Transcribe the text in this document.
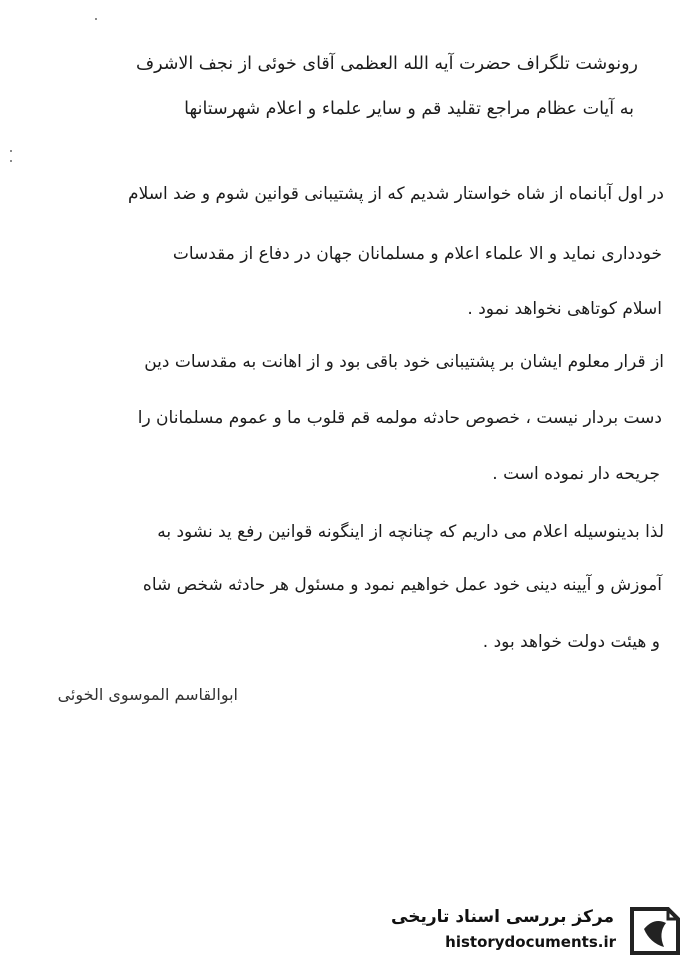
رونوشت تلگراف حضرت آیه الله العظمی آقای خوئی از نجف الاشرف
به آیات عظام مراجع تقلید قم و سایر علماء و اعلام شهرستانها
در اول آبانماه از شاه خواستار شدیم که از پشتیبانی قوانین شوم و ضد اسلام
خودداری نماید و الا علماء اعلام و مسلمانان جهان در دفاع از مقدسات
اسلام کوتاهی نخواهد نمود .
از قرار معلوم ایشان بر پشتیبانی خود باقی بود و از اهانت به مقدسات دین
دست بردار نیست ، خصوص حادثه مولمه قم قلوب ما و عموم مسلمانان را
جریحه دار نموده است .
لذا بدینوسیله اعلام می داریم که چنانچه از اینگونه قوانین رفع ید نشود به
آموزش و آیینه دینی خود عمل خواهیم نمود و مسئول هر حادثه شخص شاه
و هیئت دولت خواهد بود .
ابوالقاسم الموسوی الخوئی
مرکز بررسی اسناد تاریخی
historydocuments.ir
